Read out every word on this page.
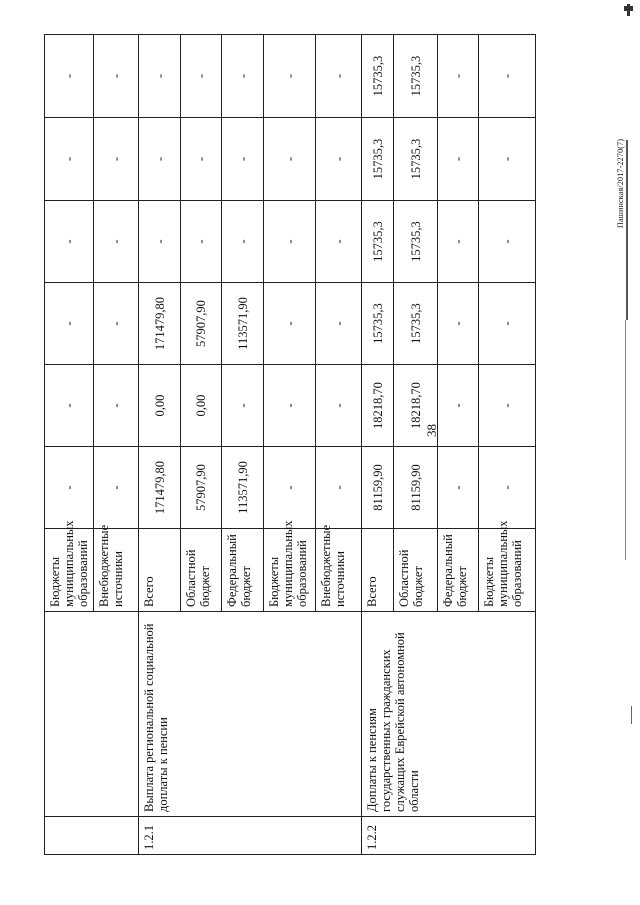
		Бюджеты муниципальных образований	-	-	-	-	-	-
		Внебюджетные источники	-	-	-	-	-	-
1.2.1	Выплата региональной социальной доплаты к пенсии	Всего	171479,80	0,00	171479,80	-	-	-
		Областной бюджет	57907,90	0,00	57907,90	-	-	-
		Федеральный бюджет	113571,90	-	113571,90	-	-	-
		Бюджеты муниципальных образований	-	-	-	-	-	-
		Внебюджетные источники	-	-	-	-	-	-
1.2.2	Доплаты к пенсиям государственных гражданских служащих Еврейской автономной области	Всего	81159,90	18218,70	15735,3	15735,3	15735,3	15735,3
		Областной бюджет	81159,90	18218,70	15735,3	15735,3	15735,3	15735,3
		Федеральный бюджет	-	-	-	-	-	-
		Бюджеты муниципальных образований	-	-	-	-	-	-
38
Пашинская/2017-2270(7)
